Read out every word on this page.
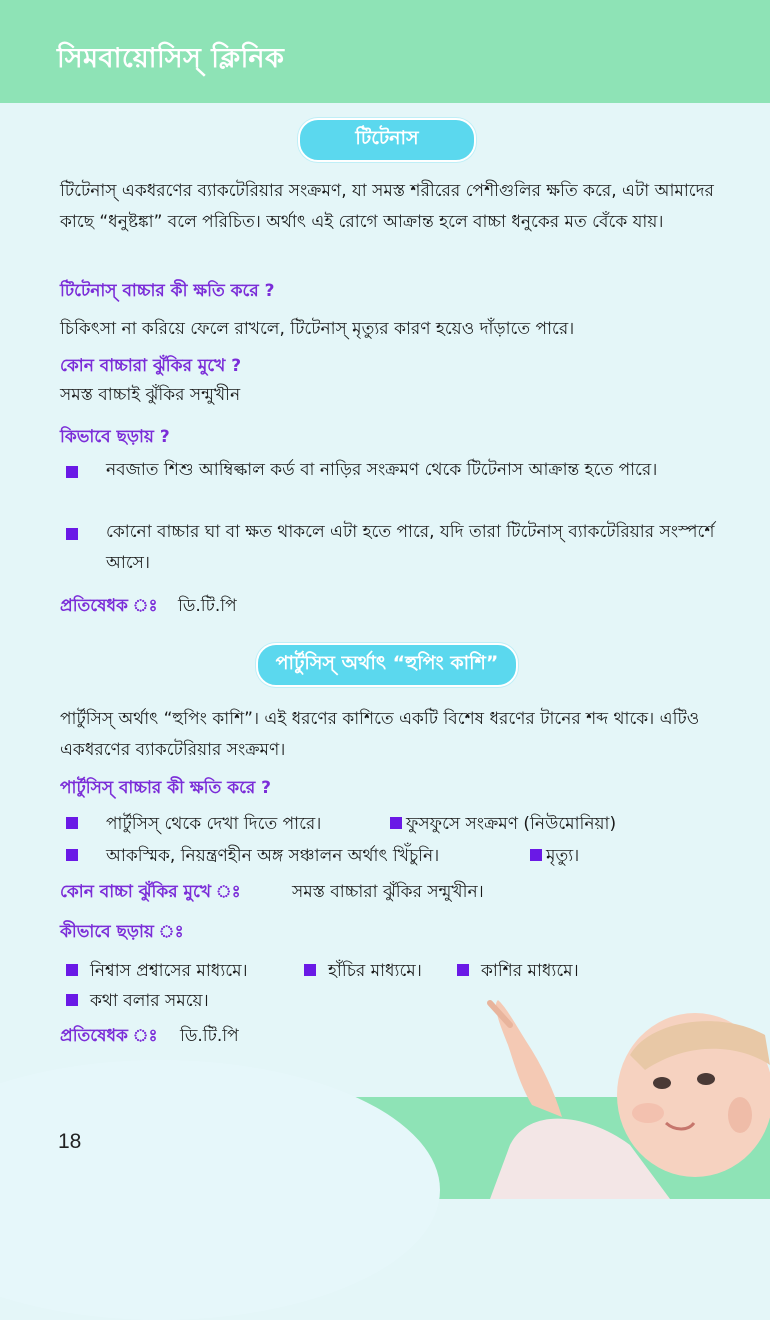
সিমবায়োসিস্‌ ক্লিনিক
টিটেনাস

টিটেনাস্‌ একধরণের ব্যাকটেরিয়ার সংক্রমণ, যা সমস্ত শরীরের পেশীগুলির ক্ষতি করে, এটা আমাদের কাছে “ধনুষ্টঙ্কা” বলে পরিচিত। অর্থাৎ এই রোগে আক্রান্ত হলে বাচ্চা ধনুকের মত বেঁকে যায়।

টিটেনাস্‌ বাচ্চার কী ক্ষতি করে ?
চিকিৎসা না করিয়ে ফেলে রাখলে, টিটেনাস্‌ মৃত্যুর কারণ হয়েও দাঁড়াতে পারে।
কোন বাচ্চারা ঝুঁকির মুখে ?
সমস্ত বাচ্চাই ঝুঁকির সন্মুখীন
কিভাবে ছড়ায় ?

নবজাত শিশু আম্বিল্কাল কর্ড বা নাড়ির সংক্রমণ থেকে টিটেনাস আক্রান্ত হতে পারে।

কোনো বাচ্চার ঘা বা ক্ষত থাকলে এটা হতে পারে, যদি তারা টিটেনাস্‌ ব্যাকটেরিয়ার সংস্পর্শে আসে।

প্রতিষেধক ঃ ডি.টি.পি
পার্টুসিস্‌ অর্থাৎ “হুপিং কাশি”

পার্টুসিস্‌ অর্থাৎ “হুপিং কাশি”। এই ধরণের কাশিতে একটি বিশেষ ধরণের টানের শব্দ থাকে। এটিও একধরণের ব্যাকটেরিয়ার সংক্রমণ।

পার্টুসিস্‌ বাচ্চার কী ক্ষতি করে ?
পার্টুসিস্‌ থেকে দেখা দিতে পারে।	ফুসফুসে সংক্রমণ (নিউমোনিয়া)
আকস্মিক, নিয়ন্ত্রণহীন অঙ্গ সঞ্চালন অর্থাৎ খিঁচুনি।	মৃত্যু।
কোন বাচ্চা ঝুঁকির মুখে ঃ	সমস্ত বাচ্চারা ঝুঁকির সন্মুখীন।
কীভাবে ছড়ায় ঃ
নিশ্বাস প্রশ্বাসের মাধ্যমে।	হাঁচির মাধ্যমে।	কাশির মাধ্যমে।
কথা বলার সময়ে।
প্রতিষেধক ঃ ডি.টি.পি
18
